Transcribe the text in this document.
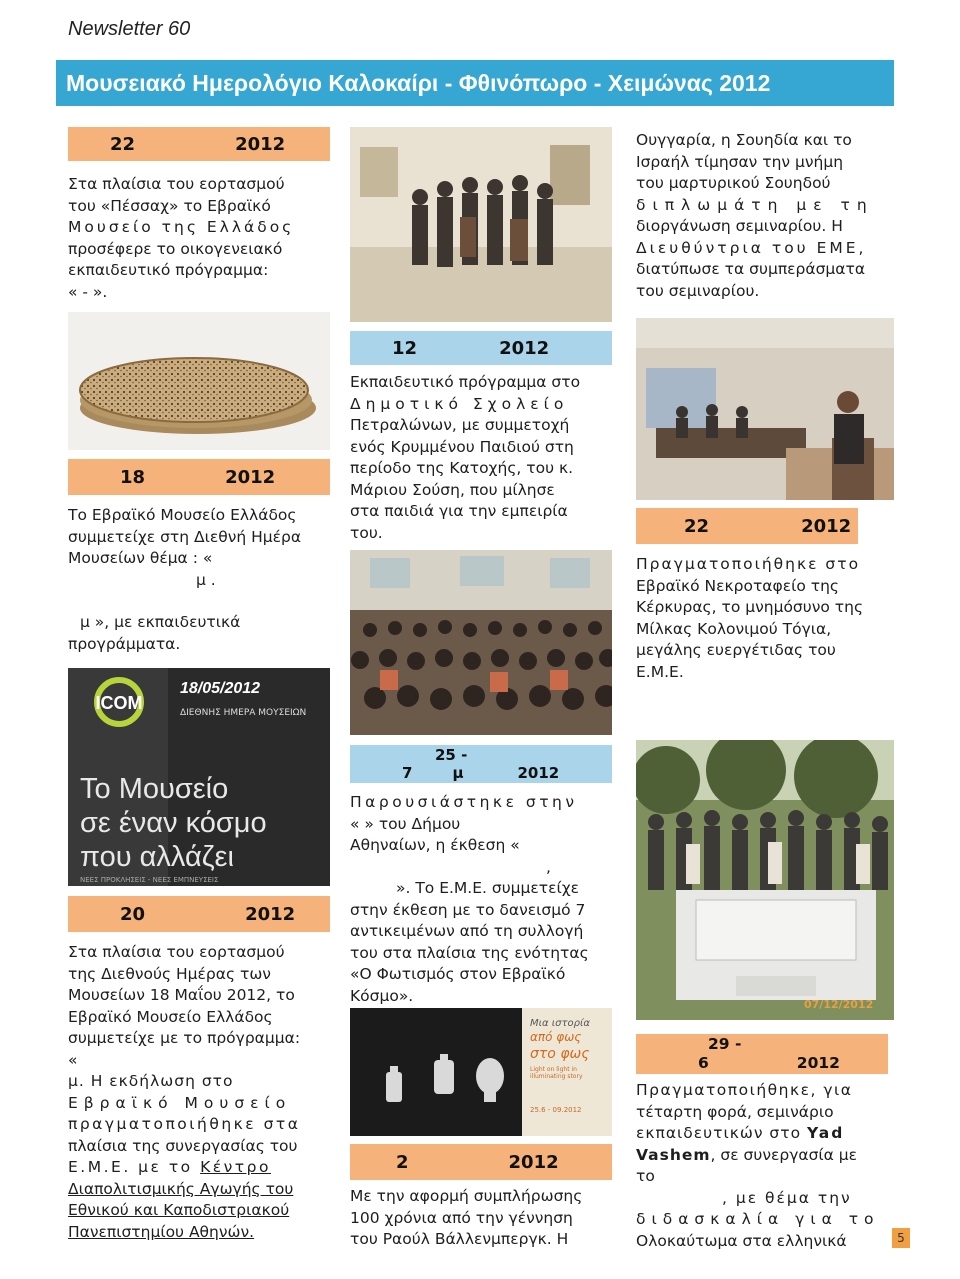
Newsletter 60
Μουσειακό Ημερολόγιο Καλοκαίρι - Φθινόπωρο - Χειμώνας 2012
22	2012

Στα πλαίσια του εορτασμού

του «Πέσσαχ» το Εβραϊκό

Μουσείο της Ελλάδος

προσέφερε το οικογενειακό

εκπαιδευτικό πρόγραμμα:

« - ».

18	2012

Το Εβραϊκό Μουσείο Ελλάδος

συμμετείχε στη Διεθνή Ημέρα

Μουσείων θέμα : «

μ .

μ », με εκπαιδευτικά

προγράμματα.

ICOM
18/05/2012
ΔΙΕΘΝΗΣ ΗΜΕΡΑ ΜΟΥΣΕΙΩΝ
Το Μουσείο
σε έναν κόσμο
που αλλάζει
ΝΕΕΣ ΠΡΟΚΛΗΣΕΙΣ - ΝΕΕΣ ΕΜΠΝΕΥΣΕΙΣ
20	2012

Στα πλαίσια του εορτασμού

της Διεθνούς Ημέρας των

Μουσείων 18 Μαΐου 2012, το

Εβραϊκό Μουσείο Ελλάδος

συμμετείχε με το πρόγραμμα:

«

μ. Η εκδήλωση στο

Εβραϊκό Μουσείο

πραγματοποιήθηκε στα

πλαίσια της συνεργασίας του

Ε.Μ.Ε. με το Κέντρο

Διαπολιτισμικής Αγωγής του

Εθνικού και Καποδιστριακού

Πανεπιστημίου Αθηνών.

12	2012

Εκπαιδευτικό πρόγραμμα στο

Δημοτικό Σχολείο

Πετραλώνων, με συμμετοχή

ενός Κρυμμένου Παιδιού στη

περίοδο της Κατοχής, του κ.

Μάριου Σούση, που μίλησε

στα παιδιά για την εμπειρία

του.

25 -
7	μ	2012

Παρουσιάστηκε στην

« » του Δήμου

Αθηναίων, η έκθεση «

,

». Το Ε.Μ.Ε. συμμετείχε

στην έκθεση με το δανεισμό 7

αντικειμένων από τη συλλογή

του στα πλαίσια της ενότητας

«Ο Φωτισμός στον Εβραϊκό

Κόσμο».

Μια ιστορία
από φως
στο φως
Light on light in illuminating story
25.6 - 09.2012
2	2012

Με την αφορμή συμπλήρωσης

100 χρόνια από την γέννηση

του Ραούλ Βάλλενμπεργκ. Η

Ουγγαρία, η Σουηδία και το

Ισραήλ τίμησαν την μνήμη

του μαρτυρικού Σουηδού

διπλωμάτη με τη

διοργάνωση σεμιναρίου. Η

Διευθύντρια του ΕΜΕ,

διατύπωσε τα συμπεράσματα

του σεμιναρίου.

22	2012

Πραγματοποιήθηκε στο

Εβραϊκό Νεκροταφείο της

Κέρκυρας, το μνημόσυνο της

Μίλκας Κολονιμού Τόγια,

μεγάλης ευεργέτιδας του

Ε.Μ.Ε.

07/12/2012
29 -
6	2012

Πραγματοποιήθηκε, για

τέταρτη φορά, σεμινάριο

εκπαιδευτικών στο Yad

Vashem, σε συνεργασία με

το

, με θέμα την

διδασκαλία για το

Ολοκαύτωμα στα ελληνικά	5
